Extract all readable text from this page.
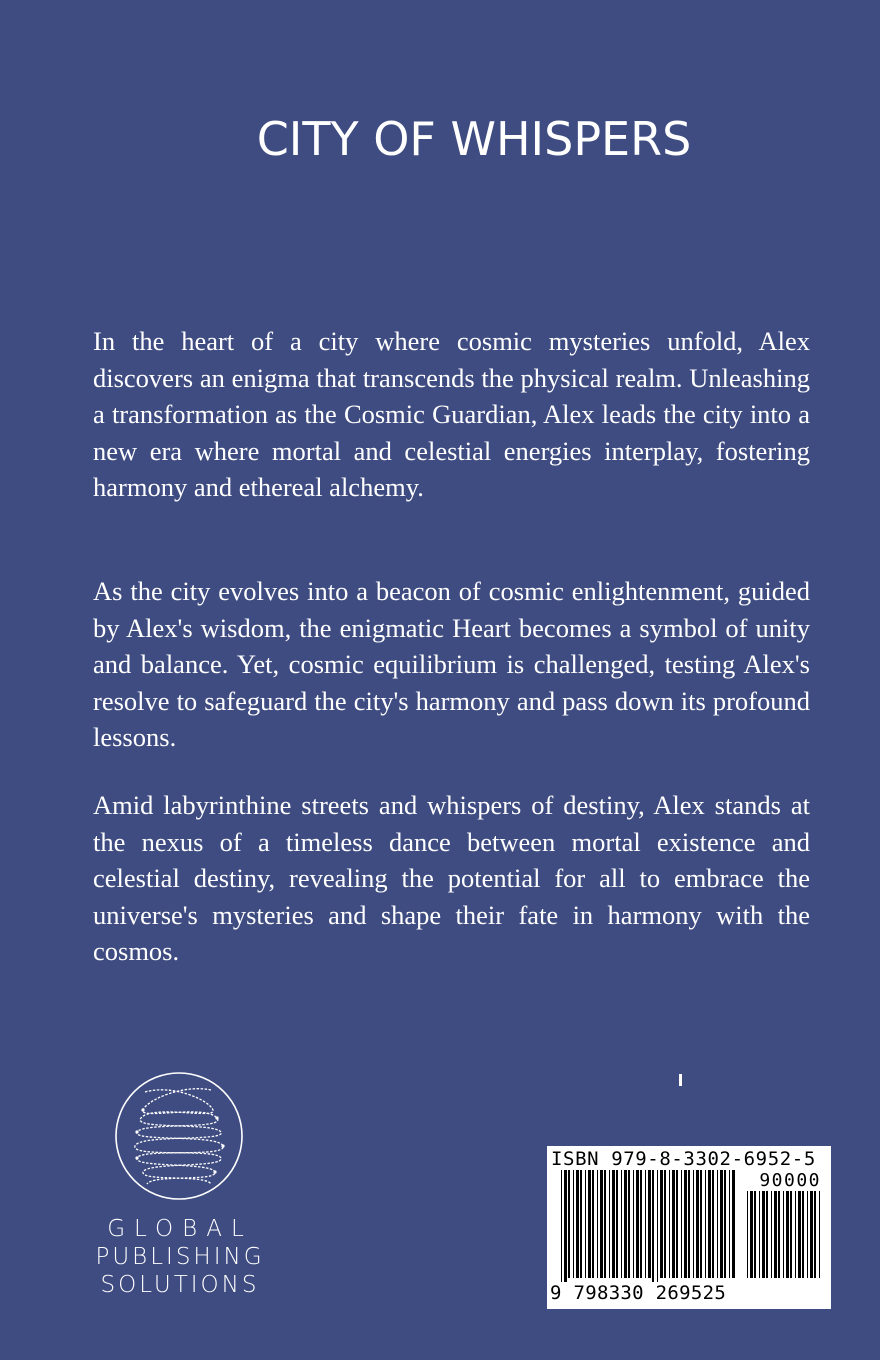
CITY OF WHISPERS

In the heart of a city where cosmic mysteries unfold, Alex discovers an enigma that transcends the physical realm. Unleashing a transformation as the Cosmic Guardian, Alex leads the city into a new era where mortal and celestial energies interplay, fostering harmony and ethereal alchemy.

As the city evolves into a beacon of cosmic enlightenment, guided by Alex's wisdom, the enigmatic Heart becomes a symbol of unity and balance. Yet, cosmic equilibrium is challenged, testing Alex's resolve to safeguard the city's harmony and pass down its profound lessons.

Amid labyrinthine streets and whispers of destiny, Alex stands at the nexus of a timeless dance between mortal existence and celestial destiny, revealing the potential for all to embrace the universe's mysteries and shape their fate in harmony with the cosmos.

GLOBAL
PUBLISHING
SOLUTIONS
ISBN 979-8-3302-6952-5
90000
9 798330 269525
